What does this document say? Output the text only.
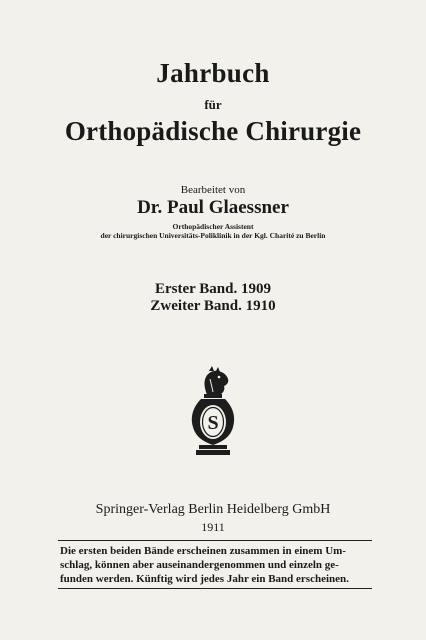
Jahrbuch
für
Orthopädische Chirurgie
Bearbeitet von
Dr. Paul Glaessner
Orthopädischer Assistent
der chirurgischen Universitäts-Poliklinik in der Kgl. Charité zu Berlin
Erster Band. 1909
Zweiter Band. 1910
S
Springer-Verlag Berlin Heidelberg GmbH
1911
Die ersten beiden Bände erscheinen zusammen in einem Um-
schlag, können aber auseinandergenommen und einzeln ge-
funden werden. Künftig wird jedes Jahr ein Band erscheinen.
